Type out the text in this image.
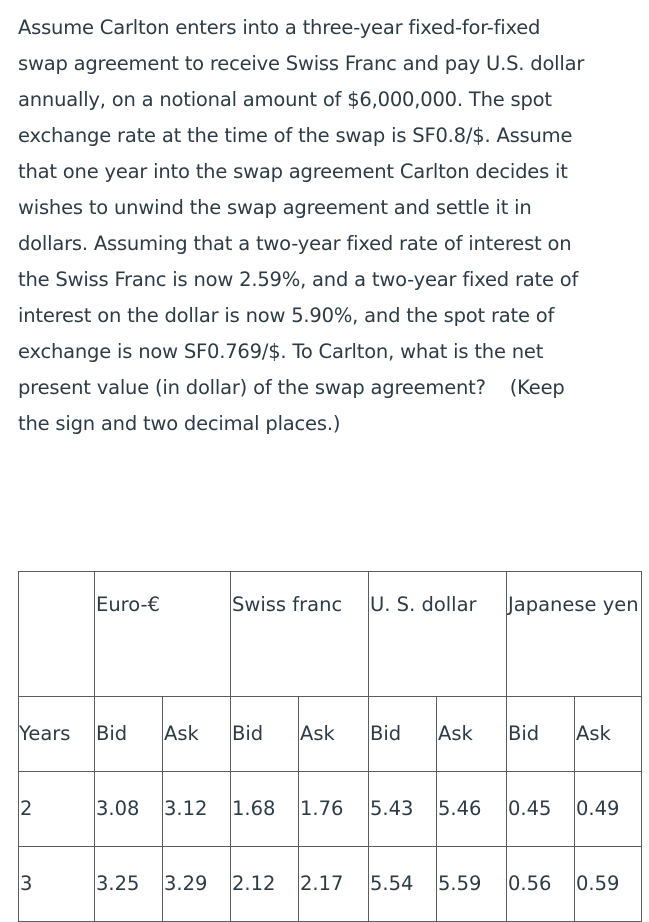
Assume Carlton enters into a three-year fixed-for-fixed
swap agreement to receive Swiss Franc and pay U.S. dollar
annually, on a notional amount of $6,000,000. The spot
exchange rate at the time of the swap is SF0.8/$. Assume
that one year into the swap agreement Carlton decides it
wishes to unwind the swap agreement and settle it in
dollars. Assuming that a two-year fixed rate of interest on
the Swiss Franc is now 2.59%, and a two-year fixed rate of
interest on the dollar is now 5.90%, and the spot rate of
exchange is now SF0.769/$. To Carlton, what is the net
present value (in dollar) of the swap agreement?    (Keep
the sign and two decimal places.)
	Euro-€		Swiss franc		U. S. dollar		Japanese yen	
Years	Bid	Ask	Bid	Ask	Bid	Ask	Bid	Ask
2	3.08	3.12	1.68	1.76	5.43	5.46	0.45	0.49
3	3.25	3.29	2.12	2.17	5.54	5.59	0.56	0.59
